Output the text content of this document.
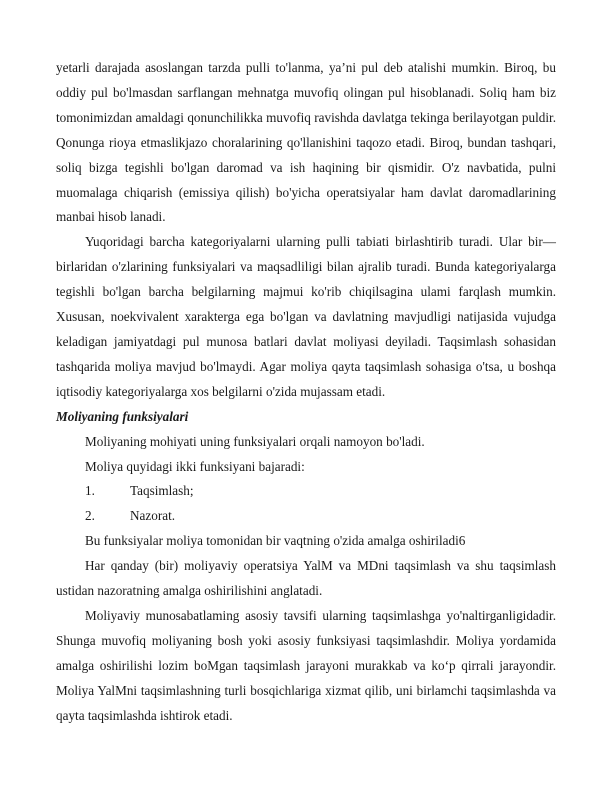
yetarli darajada asoslangan tarzda pulli to'lanma, ya’ni pul deb atalishi mumkin. Biroq, bu oddiy pul bo'lmasdan sarflangan mehnatga muvofiq olingan pul hisoblanadi. Soliq ham biz tomonimizdan amaldagi qonunchilikka muvofiq ravishda davlatga tekinga berilayotgan puldir. Qonunga rioya etmaslikjazo choralarining qo'llanishini taqozo etadi. Biroq, bundan tashqari, soliq bizga tegishli bo'lgan daromad va ish haqining bir qismidir. O'z navbatida, pulni muomalaga chiqarish (emissiya qilish) bo'yicha operatsiyalar ham davlat daromadlarining manbai hisob lanadi.

Yuqoridagi barcha kategoriyalarni ularning pulli tabiati birlashtirib turadi. Ular bir—birlaridan o'zlarining funksiyalari va maqsadliligi bilan ajralib turadi. Bunda kategoriyalarga tegishli bo'lgan barcha belgilarning majmui ko'rib chiqilsagina ulami farqlash mumkin. Xususan, noekvivalent xarakterga ega bo'lgan va davlatning mavjudligi natijasida vujudga keladigan jamiyatdagi pul munosa batlari davlat moliyasi deyiladi. Taqsimlash sohasidan tashqarida moliya mavjud bo'lmaydi. Agar moliya qayta taqsimlash sohasiga o'tsa, u boshqa iqtisodiy kategoriyalarga xos belgilarni o'zida mujassam etadi.

Moliyaning funksiyalari

Moliyaning mohiyati uning funksiyalari orqali namoyon bo'ladi.

Moliya quyidagi ikki funksiyani bajaradi:

1.	Taqsimlash;
2.	Nazorat.

Bu funksiyalar moliya tomonidan bir vaqtning o'zida amalga oshiriladi6

Har qanday (bir) moliyaviy operatsiya YalM va MDni taqsimlash va shu taqsimlash ustidan nazoratning amalga oshirilishini anglatadi.

Moliyaviy munosabatlaming asosiy tavsifi ularning taqsimlashga yo'naltirganligidadir. Shunga muvofiq moliyaning bosh yoki asosiy funksiyasi taqsimlashdir. Moliya yordamida amalga oshirilishi lozim boMgan taqsimlash jarayoni murakkab va ko‘p qirrali jarayondir. Moliya YalMni taqsimlashning turli bosqichlariga xizmat qilib, uni birlamchi taqsimlashda va qayta taqsimlashda ishtirok etadi.
